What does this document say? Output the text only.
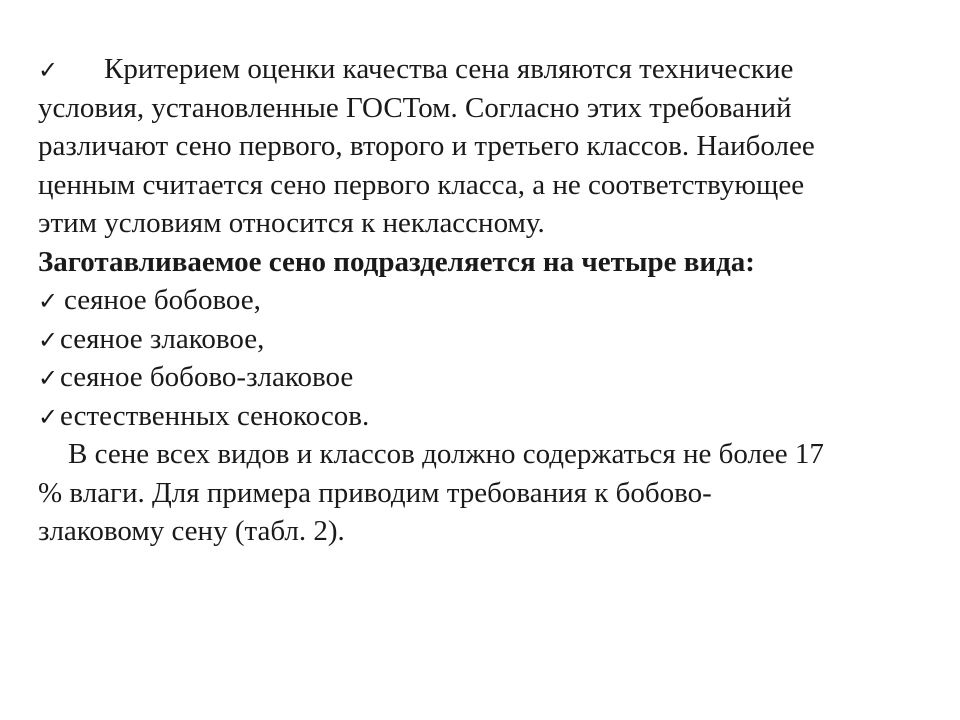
✓ Критерием оценки качества сена являются технические
условия, установленные ГОСТом. Согласно этих требований
различают сено первого, второго и третьего классов. Наиболее
ценным считается сено первого класса, а не соответствующее
этим условиям относится к неклассному.
Заготавливаемое сено подразделяется на четыре вида:
✓ сеяное бобовое,
✓сеяное злаковое,
✓сеяное бобово-злаковое
✓естественных сенокосов.
В сене всех видов и классов должно содержаться не более 17
% влаги. Для примера приводим требования к бобово-
злаковому сену (табл. 2).
